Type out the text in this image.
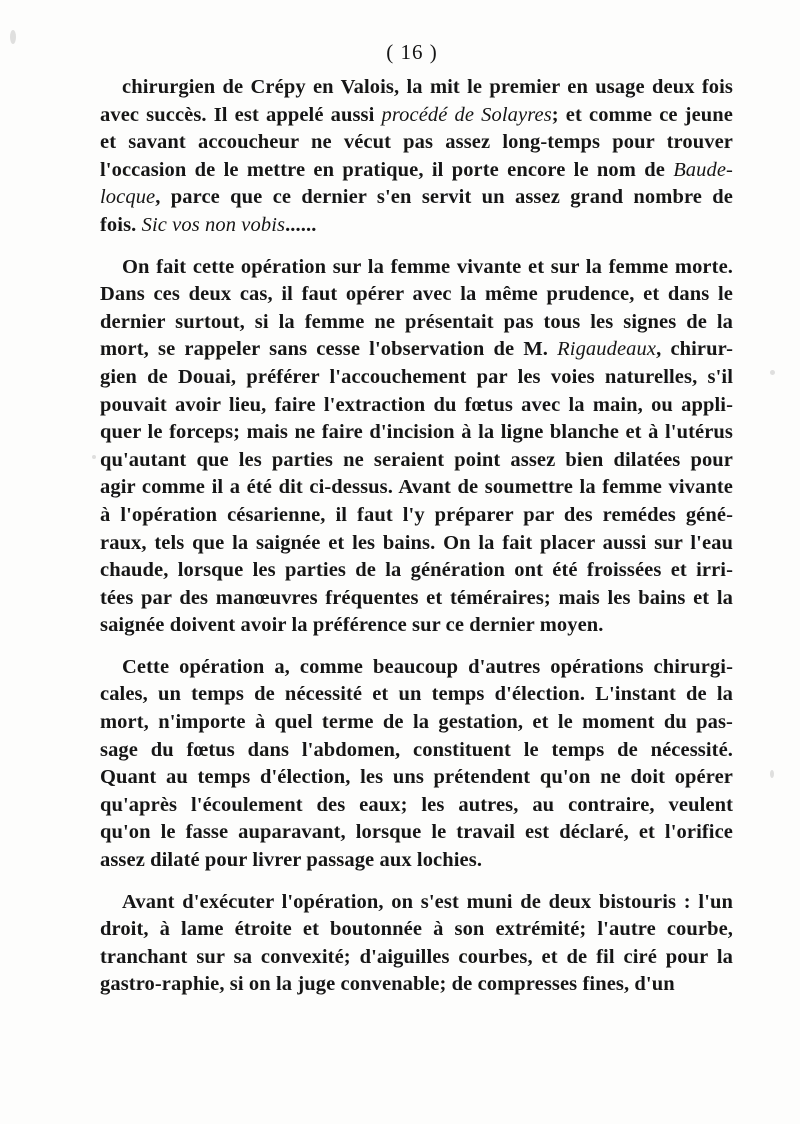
( 16 )
chirurgien de Crépy en Valois, la mit le premier en usage deux fois
avec succès. Il est appelé aussi procédé de Solayres; et comme ce jeune
et savant accoucheur ne vécut pas assez long-temps pour trouver
l'occasion de le mettre en pratique, il porte encore le nom de Baude-
locque, parce que ce dernier s'en servit un assez grand nombre de
fois. Sic vos non vobis......
On fait cette opération sur la femme vivante et sur la femme morte.
Dans ces deux cas, il faut opérer avec la même prudence, et dans le
dernier surtout, si la femme ne présentait pas tous les signes de la
mort, se rappeler sans cesse l'observation de M. Rigaudeaux, chirur-
gien de Douai, préférer l'accouchement par les voies naturelles, s'il
pouvait avoir lieu, faire l'extraction du fœtus avec la main, ou appli-
quer le forceps; mais ne faire d'incision à la ligne blanche et à l'utérus
qu'autant que les parties ne seraient point assez bien dilatées pour
agir comme il a été dit ci-dessus. Avant de soumettre la femme vivante
à l'opération césarienne, il faut l'y préparer par des remédes géné-
raux, tels que la saignée et les bains. On la fait placer aussi sur l'eau
chaude, lorsque les parties de la génération ont été froissées et irri-
tées par des manœuvres fréquentes et téméraires; mais les bains et la
saignée doivent avoir la préférence sur ce dernier moyen.
Cette opération a, comme beaucoup d'autres opérations chirurgi-
cales, un temps de nécessité et un temps d'élection. L'instant de la
mort, n'importe à quel terme de la gestation, et le moment du pas-
sage du fœtus dans l'abdomen, constituent le temps de nécessité.
Quant au temps d'élection, les uns prétendent qu'on ne doit opérer
qu'après l'écoulement des eaux; les autres, au contraire, veulent
qu'on le fasse auparavant, lorsque le travail est déclaré, et l'orifice
assez dilaté pour livrer passage aux lochies.
Avant d'exécuter l'opération, on s'est muni de deux bistouris : l'un
droit, à lame étroite et boutonnée à son extrémité; l'autre courbe,
tranchant sur sa convexité; d'aiguilles courbes, et de fil ciré pour la
gastro-raphie, si on la juge convenable; de compresses fines, d'un
